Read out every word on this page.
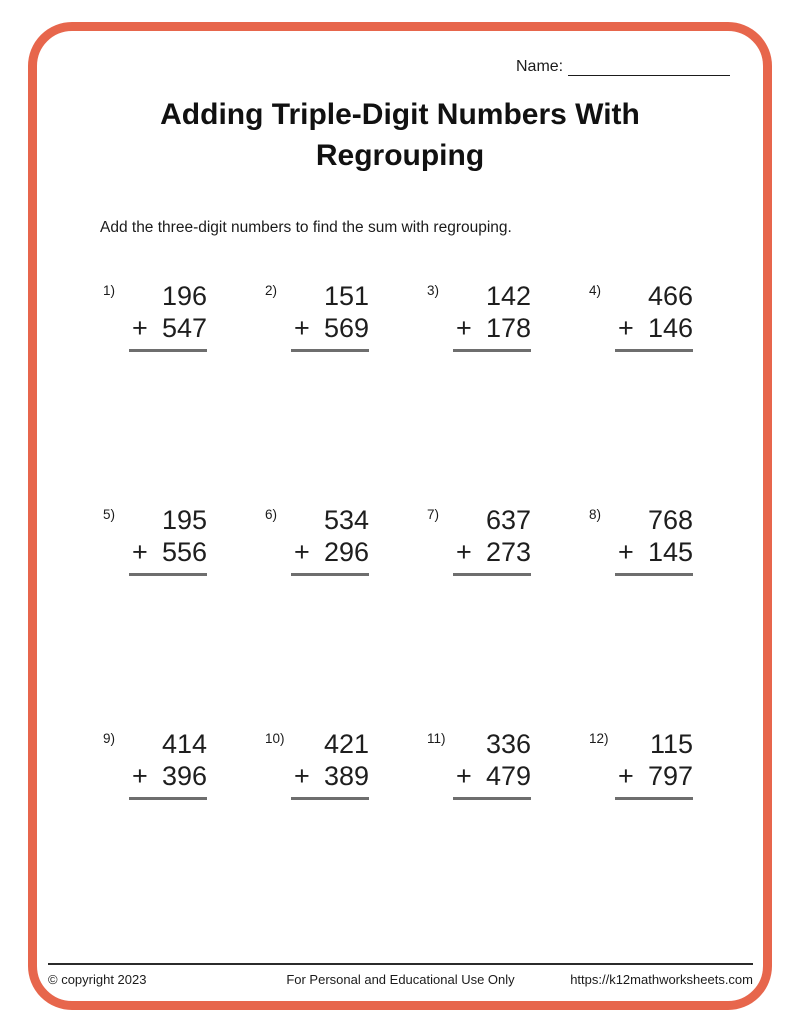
Name:
Adding Triple-Digit Numbers With
Regrouping
Add the three-digit numbers to find the sum with regrouping.
1)	196
+ 547
2)	151
+ 569
3)	142
+ 178
4)	466
+ 146
5)	195
+ 556
6)	534
+ 296
7)	637
+ 273
8)	768
+ 145
9)	414
+ 396
10)	421
+ 389
11)	336
+ 479
12)	115
+ 797
© copyright 2023	For Personal and Educational Use Only	https://k12mathworksheets.com
